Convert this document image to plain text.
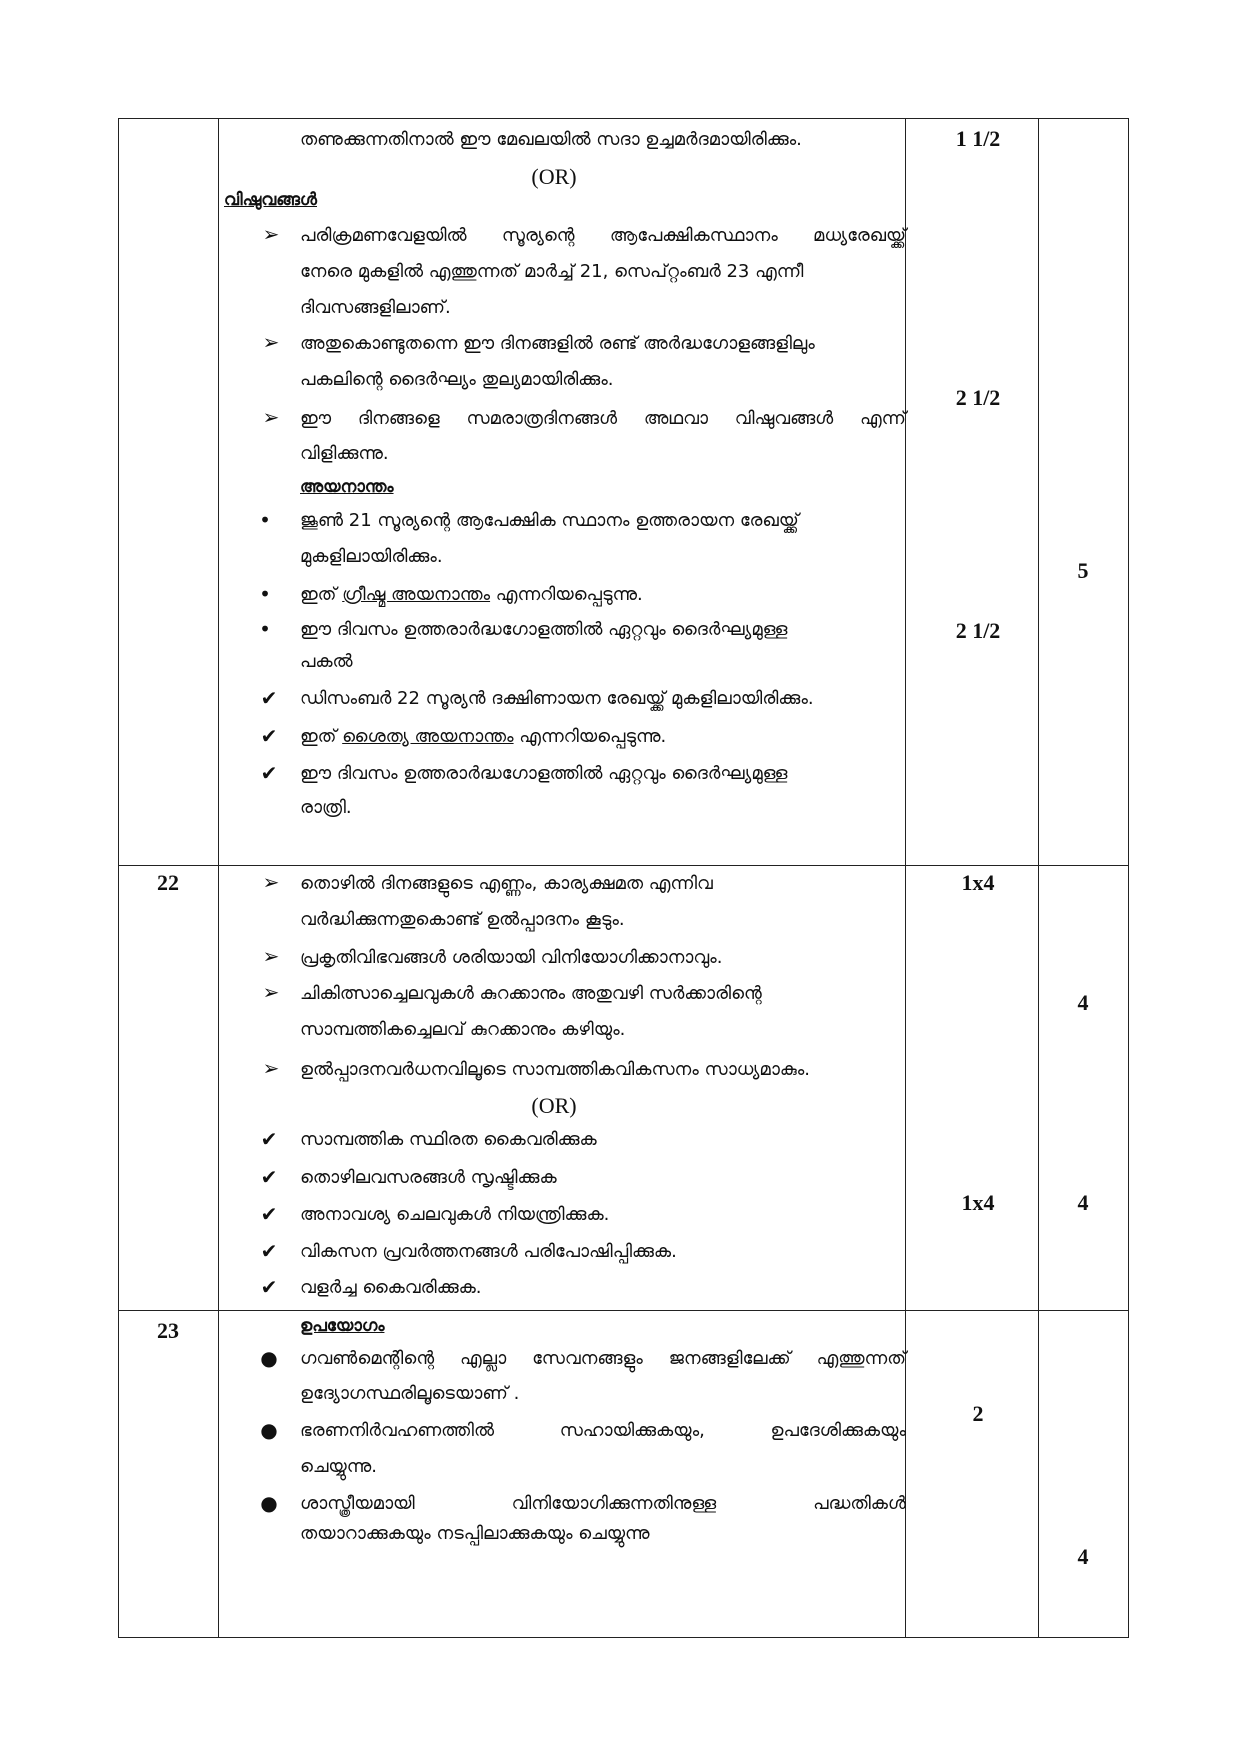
തണുക്കുന്നതിനാൽ ഈ മേഖലയിൽ സദാ ഉച്ചമർദമായിരിക്കും.
(OR)
വിഷുവങ്ങൾ
➢ പരിക്രമണവേളയിൽ സൂര്യന്റെ ആപേക്ഷികസ്ഥാനം മധ്യരേഖയ്ക്ക്
നേരെ മുകളിൽ എത്തുന്നത് മാർച്ച് 21, സെപ്റ്റംബർ 23 എന്നീ
ദിവസങ്ങളിലാണ്.
➢ അതുകൊണ്ടുതന്നെ ഈ ദിനങ്ങളിൽ രണ്ട് അർദ്ധഗോളങ്ങളിലും
പകലിന്റെ ദൈർഘ്യം തുല്യമായിരിക്കും.
➢ ഈ ദിനങ്ങളെ സമരാത്രദിനങ്ങൾ അഥവാ വിഷുവങ്ങൾ എന്ന്
വിളിക്കുന്നു.
അയനാന്തം
• ജൂൺ 21 സൂര്യന്റെ ആപേക്ഷിക സ്ഥാനം ഉത്തരായന രേഖയ്ക്ക്
മുകളിലായിരിക്കും.
• ഇത് ഗ്രീഷ്മ അയനാന്തം എന്നറിയപ്പെടുന്നു.
• ഈ ദിവസം ഉത്തരാർദ്ധഗോളത്തിൽ ഏറ്റവും ദൈർഘ്യമുള്ള
പകൽ
✔ ഡിസംബർ 22 സൂര്യൻ ദക്ഷിണായന രേഖയ്ക്ക് മുകളിലായിരിക്കും.
✔ ഇത് ശൈത്യ അയനാന്തം എന്നറിയപ്പെടുന്നു.
✔ ഈ ദിവസം ഉത്തരാർദ്ധഗോളത്തിൽ ഏറ്റവും ദൈർഘ്യമുള്ള
രാത്രി.
1 1/2
2 1/2
2 1/2
5
22	➢ തൊഴിൽ ദിനങ്ങളുടെ എണ്ണം, കാര്യക്ഷമത എന്നിവ
വർദ്ധിക്കുന്നതുകൊണ്ട് ഉൽപ്പാദനം കൂടും.
➢ പ്രകൃതിവിഭവങ്ങൾ ശരിയായി വിനിയോഗിക്കാനാവും.
➢ ചികിത്സാച്ചെലവുകൾ കുറക്കാനും അതുവഴി സർക്കാരിന്റെ
സാമ്പത്തികച്ചെലവ് കുറക്കാനും കഴിയും.
➢ ഉൽപ്പാദനവർധനവിലൂടെ സാമ്പത്തികവികസനം സാധ്യമാകും.
(OR)
✔ സാമ്പത്തിക സ്ഥിരത കൈവരിക്കുക
✔ തൊഴിലവസരങ്ങൾ സൃഷ്ടിക്കുക
✔ അനാവശ്യ ചെലവുകൾ നിയന്ത്രിക്കുക.
✔ വികസന പ്രവർത്തനങ്ങൾ പരിപോഷിപ്പിക്കുക.
✔ വളർച്ച കൈവരിക്കുക.
1x4
1x4
4
4
23	ഉപയോഗം
● ഗവൺമെന്റിന്റെ എല്ലാ സേവനങ്ങളും ജനങ്ങളിലേക്ക് എത്തുന്നത്
ഉദ്യോഗസ്ഥരിലൂടെയാണ് .
● ഭരണനിർവഹണത്തിൽ സഹായിക്കുകയും, ഉപദേശിക്കുകയും
ചെയ്യുന്നു.
● ശാസ്ത്രീയമായി വിനിയോഗിക്കുന്നതിനുള്ള പദ്ധതികൾ
തയാറാക്കുകയും നടപ്പിലാക്കുകയും ചെയ്യുന്നു
2
4
